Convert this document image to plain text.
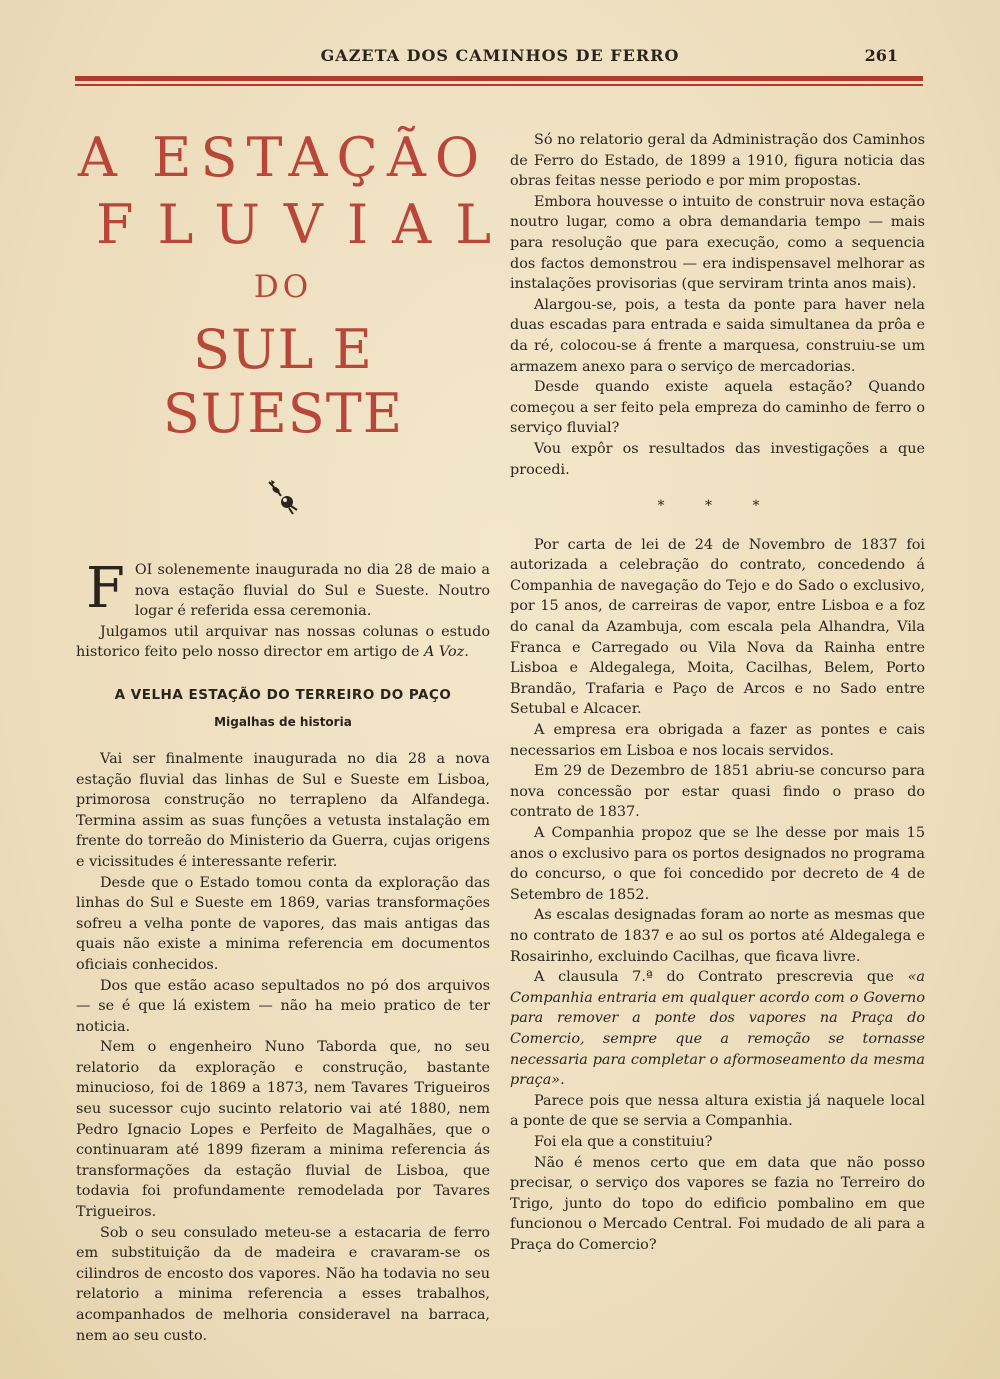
GAZETA DOS CAMINHOS DE FERRO	261
A ESTAÇÃO
FLUVIAL
DO
SUL E SUESTE
F OI solenemente inaugurada no dia 28 de maio a nova estação fluvial do Sul e Sueste. Noutro logar é referida essa ceremonia.

Julgamos util arquivar nas nossas colunas o estudo historico feito pelo nosso director em artigo de A Voz.

A VELHA ESTAÇÃO DO TERREIRO DO PAÇO
Migalhas de historia

Vai ser finalmente inaugurada no dia 28 a nova estação fluvial das linhas de Sul e Sueste em Lisboa, primorosa construção no terrapleno da Alfandega. Termina assim as suas funções a vetusta instalação em frente do torreão do Ministerio da Guerra, cujas origens e vicissitudes é interessante referir.

Desde que o Estado tomou conta da exploração das linhas do Sul e Sueste em 1869, varias transformações sofreu a velha ponte de vapores, das mais antigas das quais não existe a minima referencia em documentos oficiais conhecidos.

Dos que estão acaso sepultados no pó dos arquivos — se é que lá existem — não ha meio pratico de ter noticia.

Nem o engenheiro Nuno Taborda que, no seu relatorio da exploração e construção, bastante minucioso, foi de 1869 a 1873, nem Tavares Trigueiros seu sucessor cujo sucinto relatorio vai até 1880, nem Pedro Ignacio Lopes e Perfeito de Magalhães, que o continuaram até 1899 fizeram a minima referencia ás transformações da estação fluvial de Lisboa, que todavia foi profundamente remodelada por Tavares Trigueiros.

Sob o seu consulado meteu-se a estacaria de ferro em substituição da de madeira e cravaram-se os cilindros de encosto dos vapores. Não ha todavia no seu relatorio a minima referencia a esses trabalhos, acompanhados de melhoria consideravel na barraca, nem ao seu custo.

Só no relatorio geral da Administração dos Caminhos de Ferro do Estado, de 1899 a 1910, figura noticia das obras feitas nesse periodo e por mim propostas.

Embora houvesse o intuito de construir nova estação noutro lugar, como a obra demandaria tempo — mais para resolução que para execução, como a sequencia dos factos demonstrou — era indispensavel melhorar as instalações provisorias (que serviram trinta anos mais).

Alargou-se, pois, a testa da ponte para haver nela duas escadas para entrada e saida simultanea da prôa e da ré, colocou-se á frente a marquesa, construiu-se um armazem anexo para o serviço de mercadorias.

Desde quando existe aquela estação? Quando começou a ser feito pela empreza do caminho de ferro o serviço fluvial?

Vou expôr os resultados das investigações a que procedi.

* * *

Por carta de lei de 24 de Novembro de 1837 foi autorizada a celebração do contrato, concedendo á Companhia de navegação do Tejo e do Sado o exclusivo, por 15 anos, de carreiras de vapor, entre Lisboa e a foz do canal da Azambuja, com escala pela Alhandra, Vila Franca e Carregado ou Vila Nova da Rainha entre Lisboa e Aldegalega, Moita, Cacilhas, Belem, Porto Brandão, Trafaria e Paço de Arcos e no Sado entre Setubal e Alcacer.

A empresa era obrigada a fazer as pontes e cais necessarios em Lisboa e nos locais servidos.

Em 29 de Dezembro de 1851 abriu-se concurso para nova concessão por estar quasi findo o praso do contrato de 1837.

A Companhia propoz que se lhe desse por mais 15 anos o exclusivo para os portos designados no programa do concurso, o que foi concedido por decreto de 4 de Setembro de 1852.

As escalas designadas foram ao norte as mesmas que no contrato de 1837 e ao sul os portos até Aldegalega e Rosairinho, excluindo Cacilhas, que ficava livre.

A clausula 7.ª do Contrato prescrevia que «a Companhia entraria em qualquer acordo com o Governo para remover a ponte dos vapores na Praça do Comercio, sempre que a remoção se tornasse necessaria para completar o aformoseamento da mesma praça».

Parece pois que nessa altura existia já naquele local a ponte de que se servia a Companhia.

Foi ela que a constituiu?

Não é menos certo que em data que não posso precisar, o serviço dos vapores se fazia no Terreiro do Trigo, junto do topo do edificio pombalino em que funcionou o Mercado Central. Foi mudado de ali para a Praça do Comercio?
